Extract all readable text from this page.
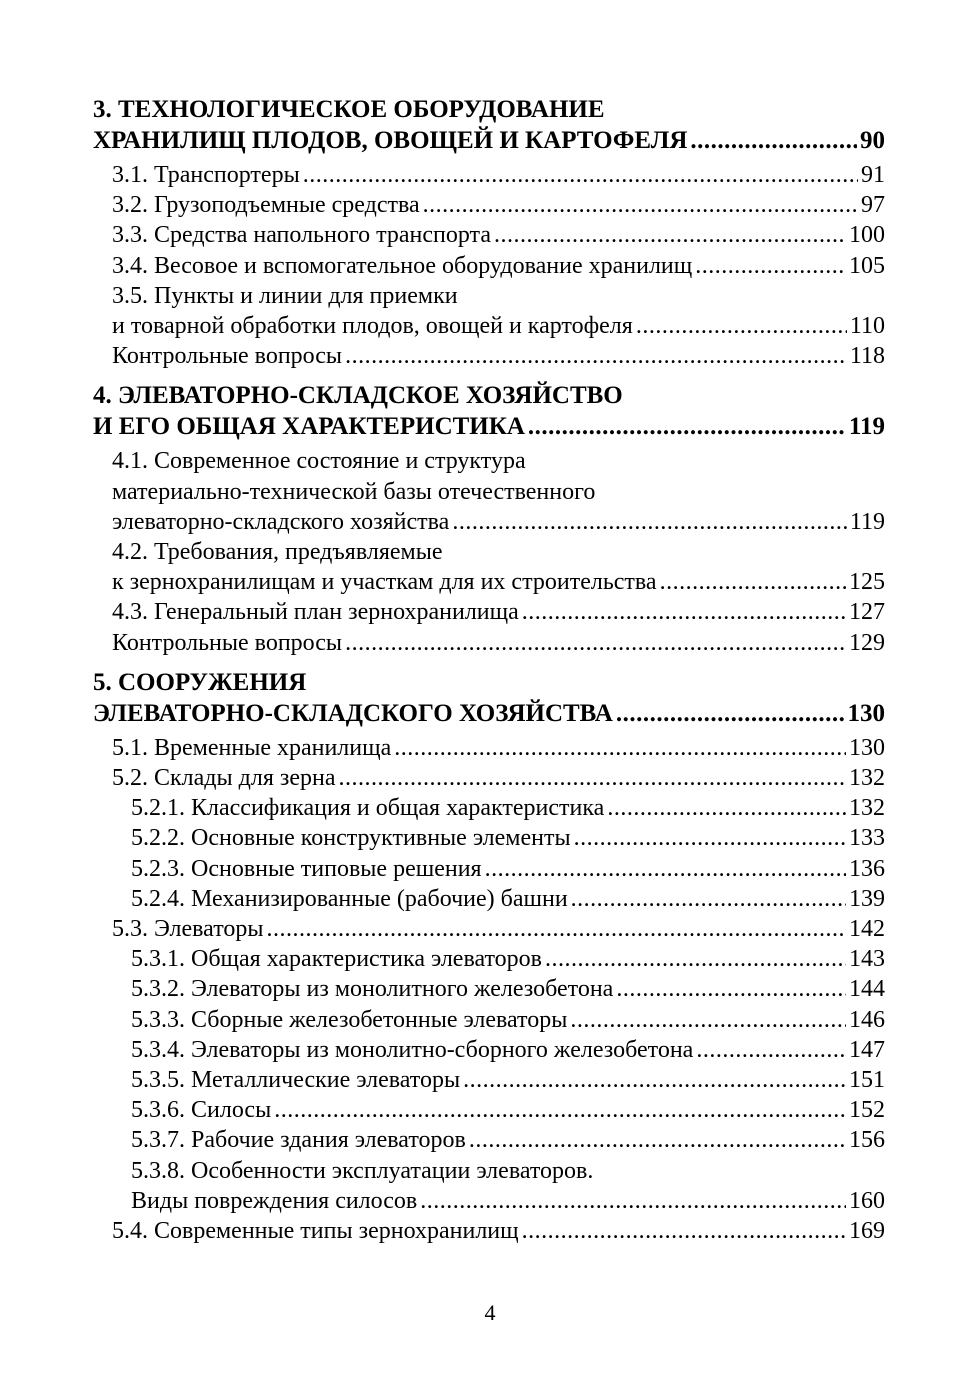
3. ТЕХНОЛОГИЧЕСКОЕ ОБОРУДОВАНИЕ
ХРАНИЛИЩ ПЛОДОВ, ОВОЩЕЙ И КАРТОФЕЛЯ .....	90
3.1. Транспортеры .....	91
3.2. Грузоподъемные средства .....	97
3.3. Средства напольного транспорта .....	100
3.4. Весовое и вспомогательное оборудование хранилищ .....	105
3.5. Пункты и линии для приемки
и товарной обработки плодов, овощей и картофеля .....	110
Контрольные вопросы .....	118
4. ЭЛЕВАТОРНО-СКЛАДСКОЕ ХОЗЯЙСТВО
И ЕГО ОБЩАЯ ХАРАКТЕРИСТИКА .....	119
4.1. Современное состояние и структура
материально-технической базы отечественного
элеваторно-складского хозяйства .....	119
4.2. Требования, предъявляемые
к зернохранилищам и участкам для их строительства .....	125
4.3. Генеральный план зернохранилища .....	127
Контрольные вопросы .....	129
5. СООРУЖЕНИЯ
ЭЛЕВАТОРНО-СКЛАДСКОГО ХОЗЯЙСТВА .....	130
5.1. Временные хранилища .....	130
5.2. Склады для зерна .....	132
5.2.1. Классификация и общая характеристика .....	132
5.2.2. Основные конструктивные элементы .....	133
5.2.3. Основные типовые решения .....	136
5.2.4. Механизированные (рабочие) башни .....	139
5.3. Элеваторы .....	142
5.3.1. Общая характеристика элеваторов .....	143
5.3.2. Элеваторы из монолитного железобетона .....	144
5.3.3. Сборные железобетонные элеваторы .....	146
5.3.4. Элеваторы из монолитно-сборного железобетона .....	147
5.3.5. Металлические элеваторы .....	151
5.3.6. Силосы .....	152
5.3.7. Рабочие здания элеваторов .....	156
5.3.8. Особенности эксплуатации элеваторов.
Виды повреждения силосов .....	160
5.4. Современные типы зернохранилищ .....	169
4
